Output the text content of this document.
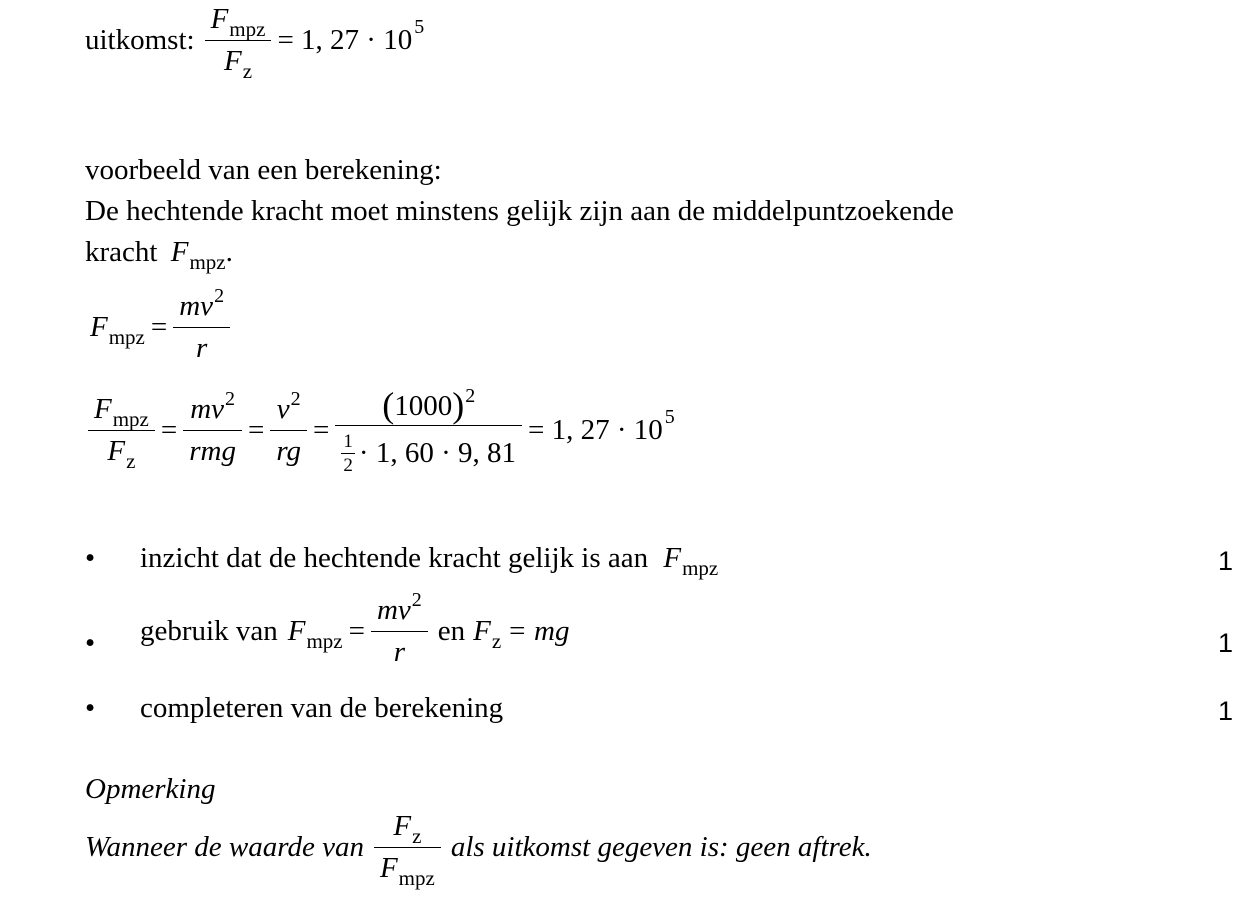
uitkomst: $\frac{F_{mpz}}{F_z} = 1$, 27 · 10 5
voorbeeld van een berekening:
De hechtende kracht moet minstens gelijk zijn aan de middelpuntzoekende
kracht $F_{mpz}$.
$F_{mpz} = \frac{mv^2}{r}$
$\frac{F_{mpz}}{F_z} = \frac{mv^2}{\text{rmg}} = \frac{v^2}{rg} = \frac{(1000)^2}{\frac{1}{2} \cdot 1, 60 \cdot 9, 81} = 1$, 27 · 10 5
• inzicht dat de hechtende kracht gelijk is aan $F_{mpz}$	1
• gebruik van $F_{mpz} = \frac{mv^2}{r}$ en $F_z$ = mg	1
• completeren van de berekening	1
Opmerking
Wanneer de waarde van $\frac{F_z}{F_{mpz}}$ als uitkomst gegeven is: geen aftrek.
